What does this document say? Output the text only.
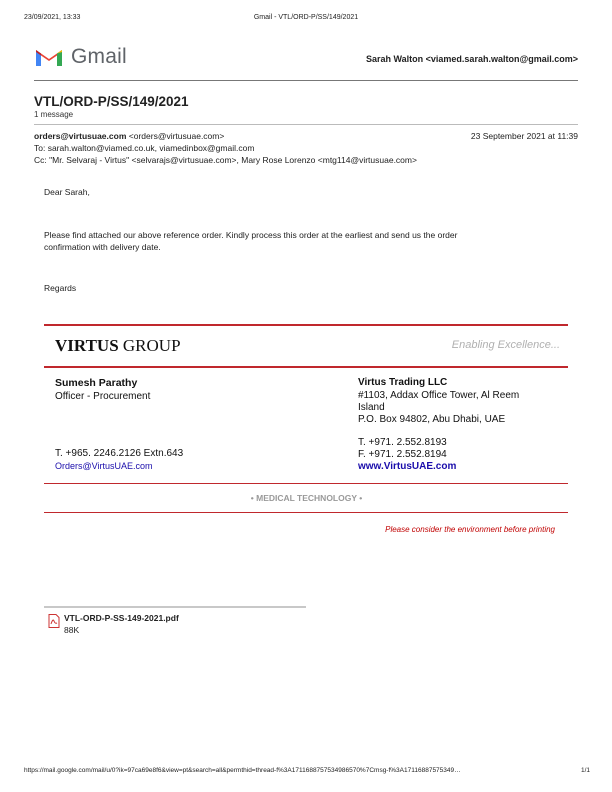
23/09/2021, 13:33	Gmail - VTL/ORD-P/SS/149/2021
Gmail	Sarah Walton <viamed.sarah.walton@gmail.com>
VTL/ORD-P/SS/149/2021
1 message
orders@virtusuae.com <orders@virtusuae.com>	23 September 2021 at 11:39
To: sarah.walton@viamed.co.uk, viamedinbox@gmail.com
Cc: "Mr. Selvaraj - Virtus" <selvarajs@virtusuae.com>, Mary Rose Lorenzo <mtg114@virtusuae.com>
Dear Sarah,
Please find attached our above reference order. Kindly process this order at the earliest and send us the order
confirmation with delivery date.
Regards
VIRTUS GROUP	Enabling Excellence...
Sumesh Parathy
Officer - Procurement
T. +965. 2246.2126 Extn.643
Orders@VirtusUAE.com
Virtus Trading LLC
#1103, Addax Office Tower, Al Reem
Island
P.O. Box 94802, Abu Dhabi, UAE
T. +971. 2.552.8193
F. +971. 2.552.8194
www.VirtusUAE.com
• MEDICAL TECHNOLOGY •
Please consider the environment before printing
VTL-ORD-P-SS-149-2021.pdf
88K
https://mail.google.com/mail/u/0?ik=97ca69e8f6&view=pt&search=all&permthid=thread-f%3A1711688757534986570%7Cmsg-f%3A17116887575349…	1/1
